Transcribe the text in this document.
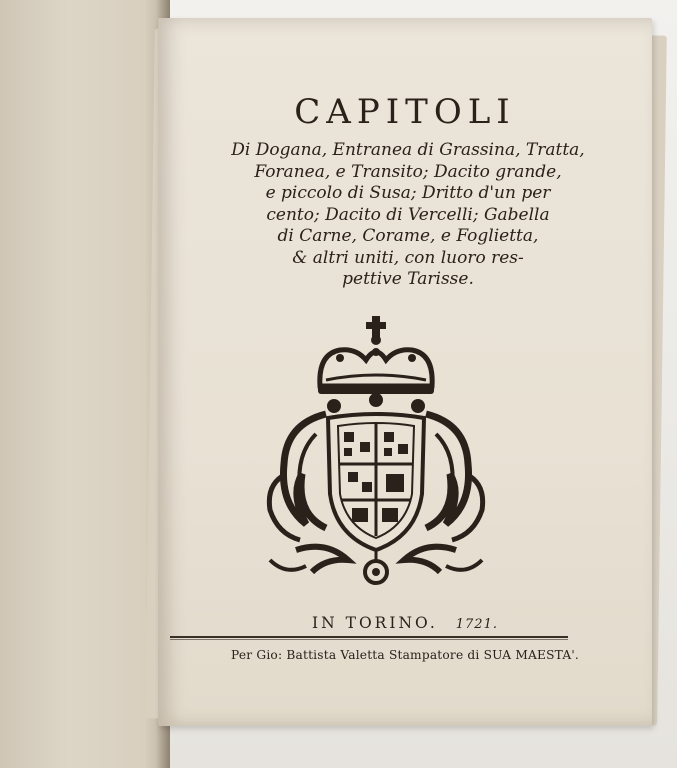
CAPITOLI
Di Dogana, Entranea di Grassina, Tratta,
Foranea, e Transito; Dacito grande,
e piccolo di Susa; Dritto d'un per
cento; Dacito di Vercelli; Gabella
di Carne, Corame, e Foglietta,
& altri uniti, con luoro res-
pettive Tarisse.
IN TORINO. 1721.
Per Gio: Battista Valetta Stampatore di SUA MAESTA'.
